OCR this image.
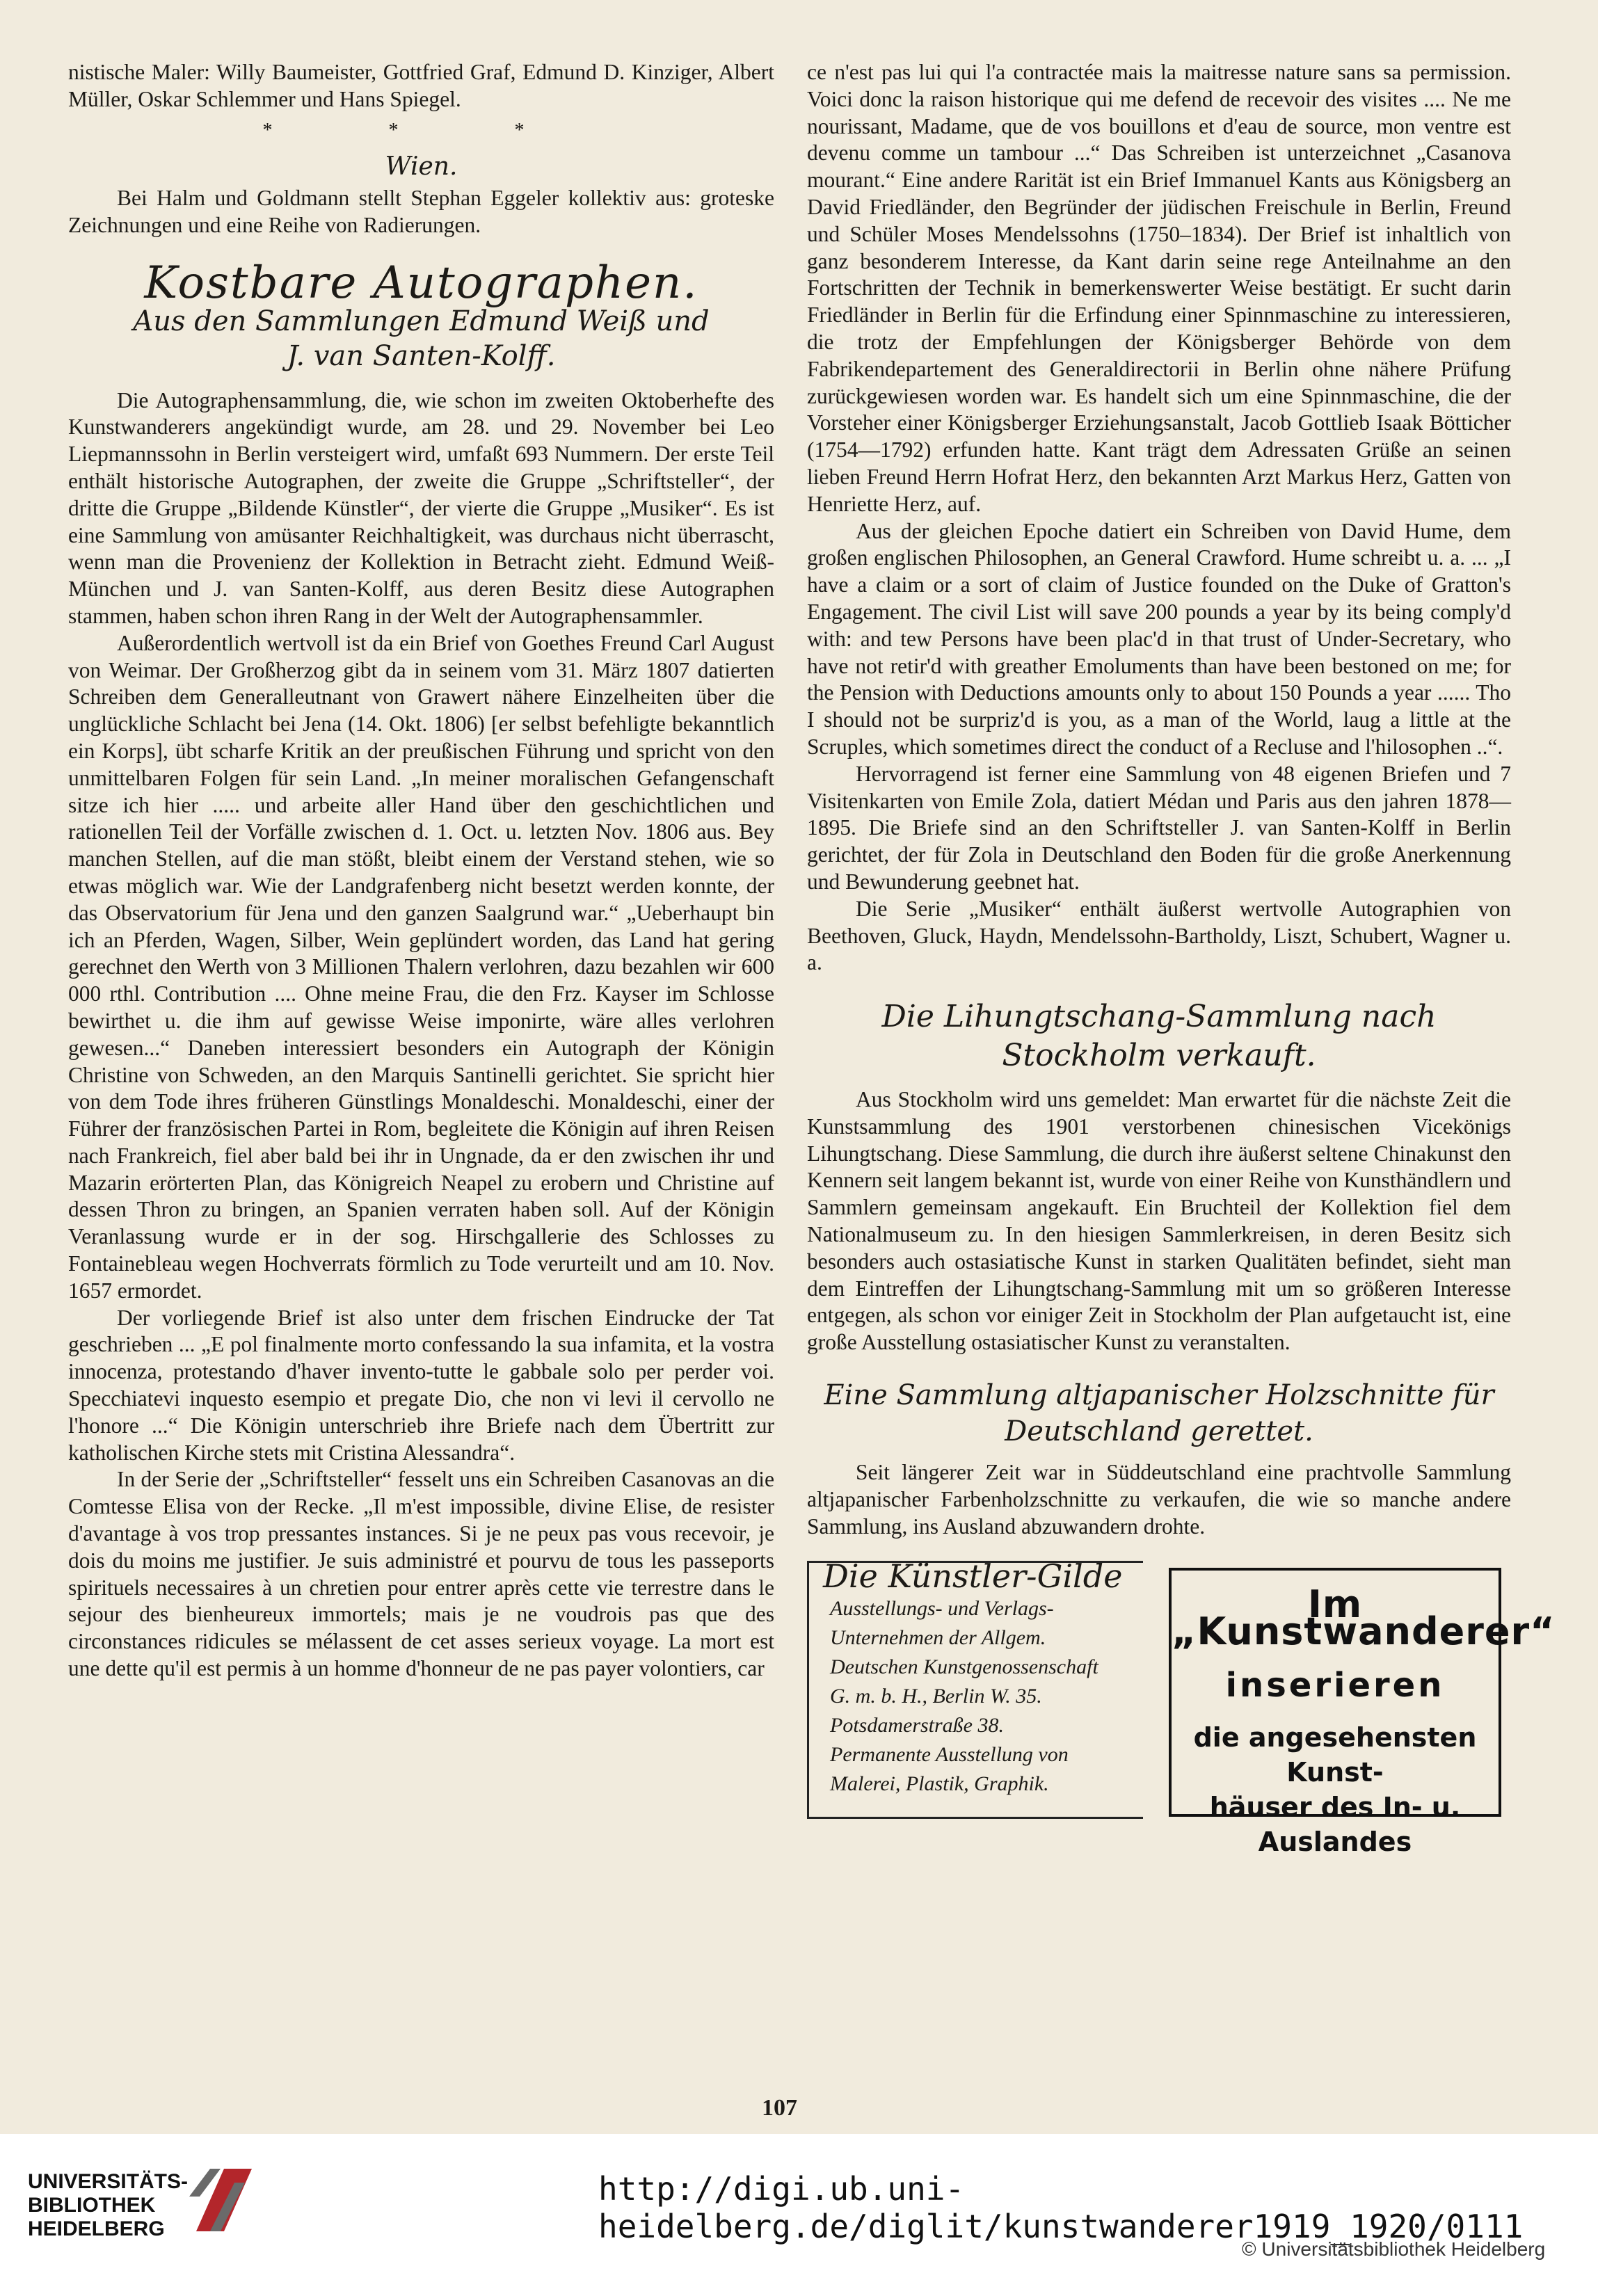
nistische Maler: Willy Baumeister, Gottfried Graf, Edmund D. Kinziger, Albert Müller, Oskar Schlemmer und Hans Spiegel.

* * *
Wien.

Bei Halm und Goldmann stellt Stephan Eggeler kollektiv aus: groteske Zeichnungen und eine Reihe von Radierungen.

Kostbare Autographen.
Aus den Sammlungen Edmund Weiß und
J. van Santen-Kolff.

Die Autographensammlung, die, wie schon im zweiten Oktoberhefte des Kunstwanderers angekündigt wurde, am 28. und 29. November bei Leo Liepmannssohn in Berlin versteigert wird, umfaßt 693 Nummern. Der erste Teil enthält historische Autographen, der zweite die Gruppe „Schriftsteller“, der dritte die Gruppe „Bildende Künstler“, der vierte die Gruppe „Musiker“. Es ist eine Sammlung von amüsanter Reichhaltigkeit, was durchaus nicht überrascht, wenn man die Provenienz der Kollektion in Betracht zieht. Edmund Weiß-München und J. van Santen-Kolff, aus deren Besitz diese Autographen stammen, haben schon ihren Rang in der Welt der Autographensammler.

Außerordentlich wertvoll ist da ein Brief von Goethes Freund Carl August von Weimar. Der Großherzog gibt da in seinem vom 31. März 1807 datierten Schreiben dem Generalleutnant von Grawert nähere Einzelheiten über die unglückliche Schlacht bei Jena (14. Okt. 1806) [er selbst befehligte bekanntlich ein Korps], übt scharfe Kritik an der preußischen Führung und spricht von den unmittelbaren Folgen für sein Land. „In meiner moralischen Gefangenschaft sitze ich hier ..... und arbeite aller Hand über den geschichtlichen und rationellen Teil der Vorfälle zwischen d. 1. Oct. u. letzten Nov. 1806 aus. Bey manchen Stellen, auf die man stößt, bleibt einem der Verstand stehen, wie so etwas möglich war. Wie der Landgrafenberg nicht besetzt werden konnte, der das Observatorium für Jena und den ganzen Saalgrund war.“ „Ueberhaupt bin ich an Pferden, Wagen, Silber, Wein geplündert worden, das Land hat gering gerechnet den Werth von 3 Millionen Thalern verlohren, dazu bezahlen wir 600 000 rthl. Contribution .... Ohne meine Frau, die den Frz. Kayser im Schlosse bewirthet u. die ihm auf gewisse Weise imponirte, wäre alles verlohren gewesen...“ Daneben interessiert besonders ein Autograph der Königin Christine von Schweden, an den Marquis Santinelli gerichtet. Sie spricht hier von dem Tode ihres früheren Günstlings Monaldeschi. Monaldeschi, einer der Führer der französischen Partei in Rom, begleitete die Königin auf ihren Reisen nach Frankreich, fiel aber bald bei ihr in Ungnade, da er den zwischen ihr und Mazarin erörterten Plan, das Königreich Neapel zu erobern und Christine auf dessen Thron zu bringen, an Spanien verraten haben soll. Auf der Königin Veranlassung wurde er in der sog. Hirschgallerie des Schlosses zu Fontainebleau wegen Hochverrats förmlich zu Tode verurteilt und am 10. Nov. 1657 ermordet.

Der vorliegende Brief ist also unter dem frischen Eindrucke der Tat geschrieben ... „E pol finalmente morto confessando la sua infamita, et la vostra innocenza, protestando d'haver invento-tutte le gabbale solo per perder voi. Specchiatevi inquesto esempio et pregate Dio, che non vi levi il cervollo ne l'honore ...“ Die Königin unterschrieb ihre Briefe nach dem Übertritt zur katholischen Kirche stets mit Cristina Alessandra“.

In der Serie der „Schriftsteller“ fesselt uns ein Schreiben Casanovas an die Comtesse Elisa von der Recke. „Il m'est impossible, divine Elise, de resister d'avantage à vos trop pressantes instances. Si je ne peux pas vous recevoir, je dois du moins me justifier. Je suis administré et pourvu de tous les passeports spirituels necessaires à un chretien pour entrer après cette vie terrestre dans le sejour des bienheureux immortels; mais je ne voudrois pas que des circonstances ridicules se mélassent de cet asses serieux voyage. La mort est une dette qu'il est permis à un homme d'honneur de ne pas payer volontiers, car

ce n'est pas lui qui l'a contractée mais la maitresse nature sans sa permission. Voici donc la raison historique qui me defend de recevoir des visites .... Ne me nourissant, Madame, que de vos bouillons et d'eau de source, mon ventre est devenu comme un tambour ...“ Das Schreiben ist unterzeichnet „Casanova mourant.“ Eine andere Rarität ist ein Brief Immanuel Kants aus Königsberg an David Friedländer, den Begründer der jüdischen Freischule in Berlin, Freund und Schüler Moses Mendelssohns (1750–1834). Der Brief ist inhaltlich von ganz besonderem Interesse, da Kant darin seine rege Anteilnahme an den Fortschritten der Technik in bemerkenswerter Weise bestätigt. Er sucht darin Friedländer in Berlin für die Erfindung einer Spinnmaschine zu interessieren, die trotz der Empfehlungen der Königsberger Behörde von dem Fabrikendepartement des Generaldirectorii in Berlin ohne nähere Prüfung zurückgewiesen worden war. Es handelt sich um eine Spinnmaschine, die der Vorsteher einer Königsberger Erziehungsanstalt, Jacob Gottlieb Isaak Bötticher (1754—1792) erfunden hatte. Kant trägt dem Adressaten Grüße an seinen lieben Freund Herrn Hofrat Herz, den bekannten Arzt Markus Herz, Gatten von Henriette Herz, auf.

Aus der gleichen Epoche datiert ein Schreiben von David Hume, dem großen englischen Philosophen, an General Crawford. Hume schreibt u. a. ... „I have a claim or a sort of claim of Justice founded on the Duke of Gratton's Engagement. The civil List will save 200 pounds a year by its being comply'd with: and tew Persons have been plac'd in that trust of Under-Secretary, who have not retir'd with greather Emoluments than have been bestoned on me; for the Pension with Deductions amounts only to about 150 Pounds a year ...... Tho I should not be surpriz'd is you, as a man of the World, laug a little at the Scruples, which sometimes direct the conduct of a Recluse and l'hilosophen ..“.

Hervorragend ist ferner eine Sammlung von 48 eigenen Briefen und 7 Visitenkarten von Emile Zola, datiert Médan und Paris aus den jahren 1878—1895. Die Briefe sind an den Schriftsteller J. van Santen-Kolff in Berlin gerichtet, der für Zola in Deutschland den Boden für die große Anerkennung und Bewunderung geebnet hat.

Die Serie „Musiker“ enthält äußerst wertvolle Autographien von Beethoven, Gluck, Haydn, Mendelssohn-Bartholdy, Liszt, Schubert, Wagner u. a.

Die Lihungtschang-Sammlung nach Stockholm verkauft.

Aus Stockholm wird uns gemeldet: Man erwartet für die nächste Zeit die Kunstsammlung des 1901 verstorbenen chinesischen Vicekönigs Lihungtschang. Diese Sammlung, die durch ihre äußerst seltene Chinakunst den Kennern seit langem bekannt ist, wurde von einer Reihe von Kunsthändlern und Sammlern gemeinsam angekauft. Ein Bruchteil der Kollektion fiel dem Nationalmuseum zu. In den hiesigen Sammlerkreisen, in deren Besitz sich besonders auch ostasiatische Kunst in starken Qualitäten befindet, sieht man dem Eintreffen der Lihungtschang-Sammlung mit um so größeren Interesse entgegen, als schon vor einiger Zeit in Stockholm der Plan aufgetaucht ist, eine große Ausstellung ostasiatischer Kunst zu veranstalten.

Eine Sammlung altjapanischer Holzschnitte für Deutschland gerettet.

Seit längerer Zeit war in Süddeutschland eine prachtvolle Sammlung altjapanischer Farbenholzschnitte zu verkaufen, die wie so manche andere Sammlung, ins Ausland abzuwandern drohte.

Die Künstler-Gilde
Ausstellungs- und Verlags-
Unternehmen der Allgem.
Deutschen Kunstgenossenschaft
G. m. b. H., Berlin W. 35.
Potsdamerstraße 38.
Permanente Ausstellung von
Malerei, Plastik, Graphik.
Im „Kunstwanderer“
inserieren
die angesehensten Kunst-
häuser des In- u. Auslandes
107
UNIVERSITÄTS-
BIBLIOTHEK
HEIDELBERG
http://digi.ub.uni-heidelberg.de/diglit/kunstwanderer1919_1920/0111
© Universitätsbibliothek Heidelberg
